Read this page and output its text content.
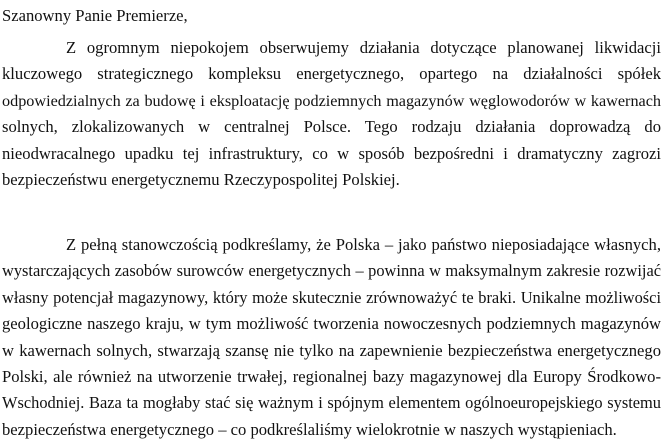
Szanowny Panie Premierze,

Z ogromnym niepokojem obserwujemy działania dotyczące planowanej likwidacji
kluczowego strategicznego kompleksu energetycznego, opartego na działalności spółek
odpowiedzialnych za budowę i eksploatację podziemnych magazynów węglowodorów w kawernach
solnych, zlokalizowanych w centralnej Polsce. Tego rodzaju działania doprowadzą do
nieodwracalnego upadku tej infrastruktury, co w sposób bezpośredni i dramatyczny zagrozi
bezpieczeństwu energetycznemu Rzeczypospolitej Polskiej.
Z pełną stanowczością podkreślamy, że Polska – jako państwo nieposiadające własnych,
wystarczających zasobów surowców energetycznych – powinna w maksymalnym zakresie rozwijać
własny potencjał magazynowy, który może skutecznie zrównoważyć te braki. Unikalne możliwości
geologiczne naszego kraju, w tym możliwość tworzenia nowoczesnych podziemnych magazynów
w kawernach solnych, stwarzają szansę nie tylko na zapewnienie bezpieczeństwa energetycznego
Polski, ale również na utworzenie trwałej, regionalnej bazy magazynowej dla Europy Środkowo-
Wschodniej. Baza ta mogłaby stać się ważnym i spójnym elementem ogólnoeuropejskiego systemu
bezpieczeństwa energetycznego – co podkreślaliśmy wielokrotnie w naszych wystąpieniach.
